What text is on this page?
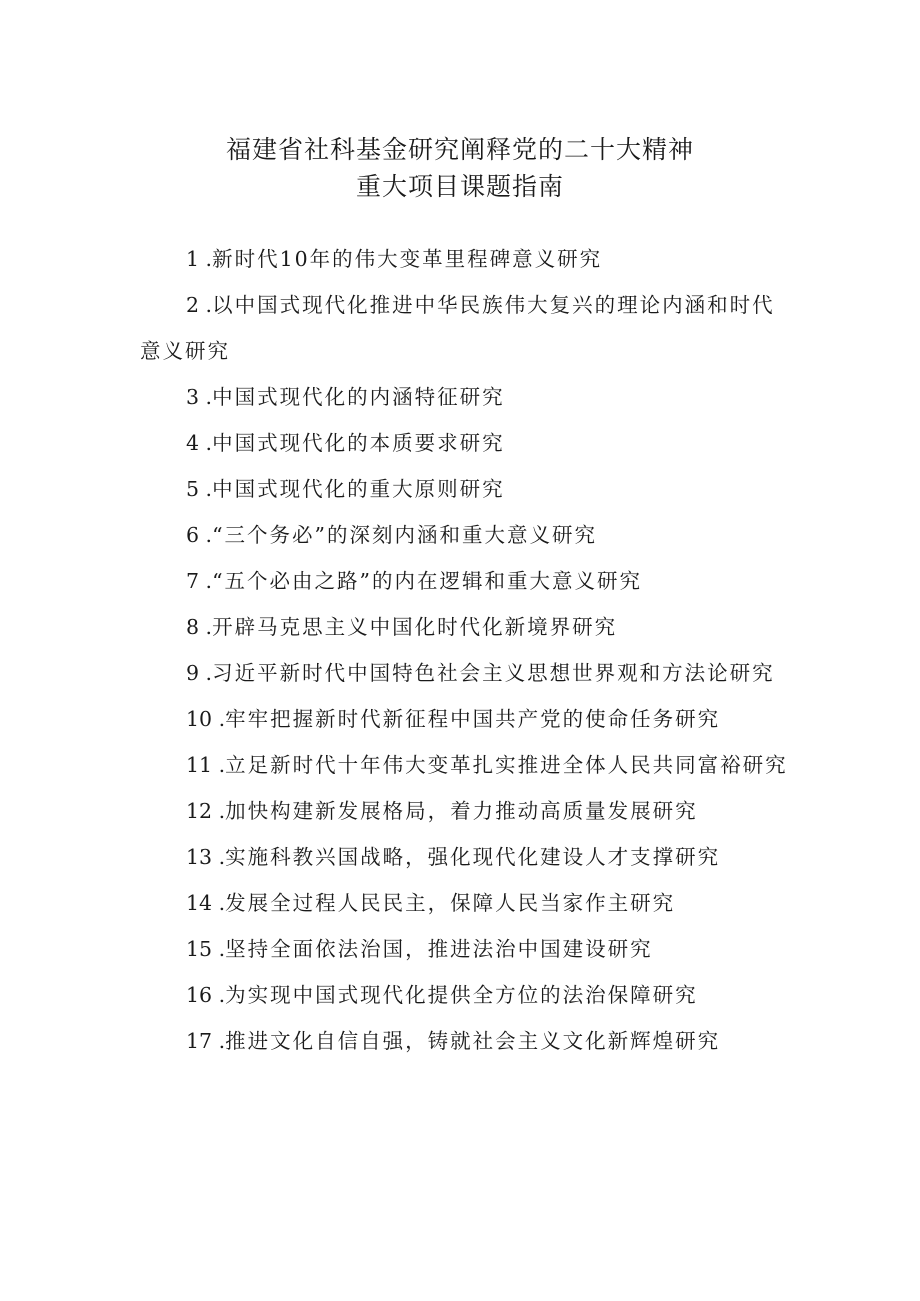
福建省社科基金研究阐释党的二十大精神
重大项目课题指南
1 .新时代10年的伟大变革里程碑意义研究
2 .以中国式现代化推进中华民族伟大复兴的理论内涵和时代意义研究
3 .中国式现代化的内涵特征研究
4 .中国式现代化的本质要求研究
5 .中国式现代化的重大原则研究
6 .“三个务必”的深刻内涵和重大意义研究
7 .“五个必由之路”的内在逻辑和重大意义研究
8 .开辟马克思主义中国化时代化新境界研究
9 .习近平新时代中国特色社会主义思想世界观和方法论研究
10 .牢牢把握新时代新征程中国共产党的使命任务研究
11 .立足新时代十年伟大变革扎实推进全体人民共同富裕研究
12 .加快构建新发展格局，着力推动高质量发展研究
13 .实施科教兴国战略，强化现代化建设人才支撑研究
14 .发展全过程人民民主，保障人民当家作主研究
15 .坚持全面依法治国，推进法治中国建设研究
16 .为实现中国式现代化提供全方位的法治保障研究
17 .推进文化自信自强，铸就社会主义文化新辉煌研究
